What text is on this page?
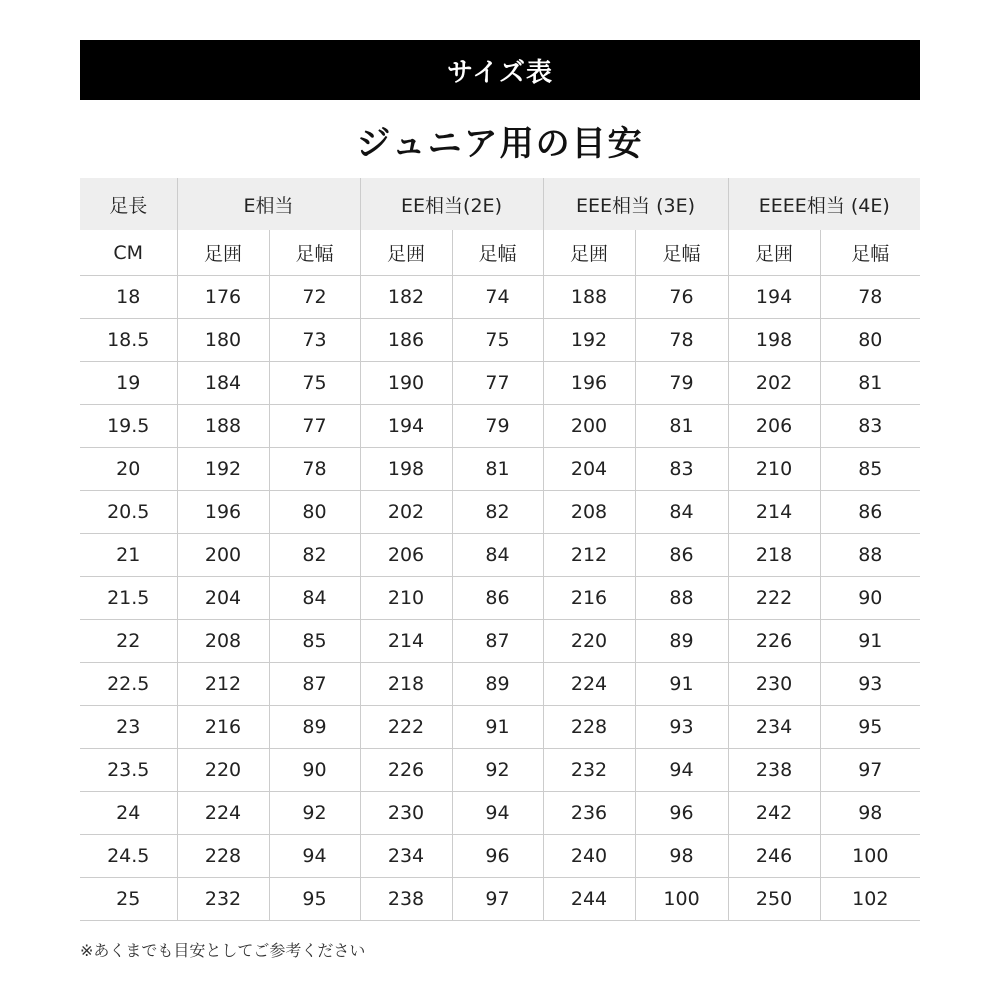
サイズ表
ジュニア用の目安
足長	E相当		EE相当(2E)		EEE相当 (3E)		EEEE相当 (4E)	
CM	足囲	足幅	足囲	足幅	足囲	足幅	足囲	足幅
18	176	72	182	74	188	76	194	78
18.5	180	73	186	75	192	78	198	80
19	184	75	190	77	196	79	202	81
19.5	188	77	194	79	200	81	206	83
20	192	78	198	81	204	83	210	85
20.5	196	80	202	82	208	84	214	86
21	200	82	206	84	212	86	218	88
21.5	204	84	210	86	216	88	222	90
22	208	85	214	87	220	89	226	91
22.5	212	87	218	89	224	91	230	93
23	216	89	222	91	228	93	234	95
23.5	220	90	226	92	232	94	238	97
24	224	92	230	94	236	96	242	98
24.5	228	94	234	96	240	98	246	100
25	232	95	238	97	244	100	250	102
※あくまでも目安としてご参考ください
